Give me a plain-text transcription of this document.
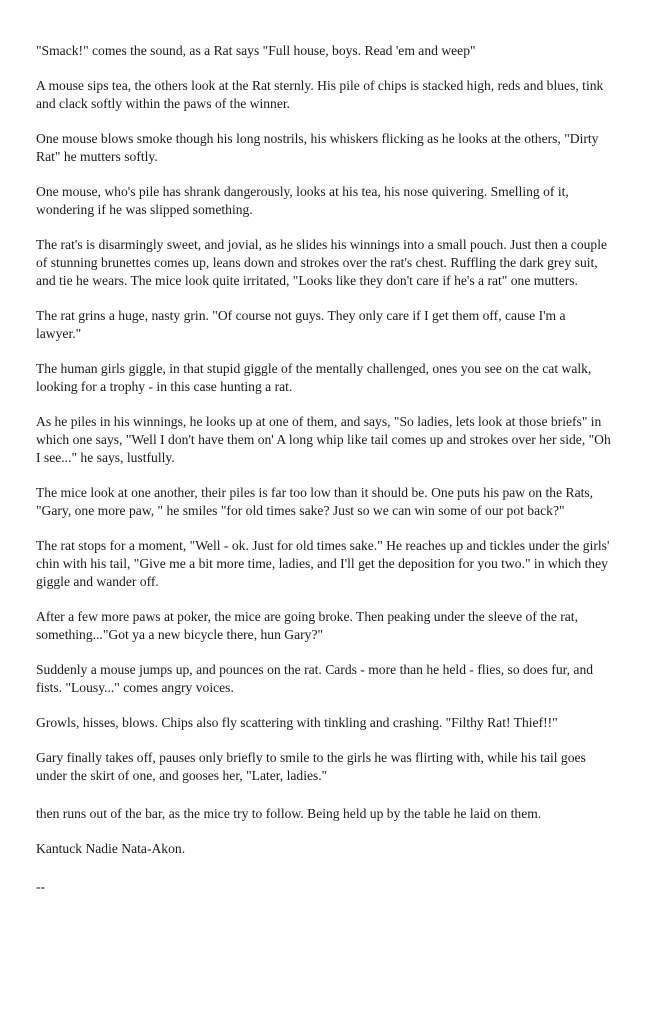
"Smack!" comes the sound, as a Rat says "Full house, boys. Read 'em and weep"

A mouse sips tea, the others look at the Rat sternly. His pile of chips is stacked high, reds and blues, tink and clack softly within the paws of the winner.

One mouse blows smoke though his long nostrils, his whiskers flicking as he looks at the others, "Dirty Rat" he mutters softly.

One mouse, who's pile has shrank dangerously, looks at his tea, his nose quivering. Smelling of it, wondering if he was slipped something.

The rat's is disarmingly sweet, and jovial, as he slides his winnings into a small pouch. Just then a couple of stunning brunettes comes up, leans down and strokes over the rat's chest. Ruffling the dark grey suit, and tie he wears. The mice look quite irritated, "Looks like they don't care if he's a rat" one mutters.

The rat grins a huge, nasty grin. "Of course not guys. They only care if I get them off, cause I'm a lawyer."

The human girls giggle, in that stupid giggle of the mentally challenged, ones you see on the cat walk, looking for a trophy - in this case hunting a rat.

As he piles in his winnings, he looks up at one of them, and says, "So ladies, lets look at those briefs" in which one says, "Well I don't have them on' A long whip like tail comes up and strokes over her side, "Oh I see..." he says, lustfully.

The mice look at one another, their piles is far too low than it should be. One puts his paw on the Rats, "Gary, one more paw, " he smiles "for old times sake? Just so we can win some of our pot back?"

The rat stops for a moment, "Well - ok. Just for old times sake." He reaches up and tickles under the girls' chin with his tail, "Give me a bit more time, ladies, and I'll get the deposition for you two." in which they giggle and wander off.

After a few more paws at poker, the mice are going broke. Then peaking under the sleeve of the rat, something..."Got ya a new bicycle there, hun Gary?"

Suddenly a mouse jumps up, and pounces on the rat. Cards - more than he held - flies, so does fur, and fists. "Lousy..." comes angry voices.

Growls, hisses, blows. Chips also fly scattering with tinkling and crashing. "Filthy Rat! Thief!!"

Gary finally takes off, pauses only briefly to smile to the girls he was flirting with, while his tail goes under the skirt of one, and gooses her, "Later, ladies."

then runs out of the bar, as the mice try to follow. Being held up by the table he laid on them.

Kantuck Nadie Nata-Akon.

--
